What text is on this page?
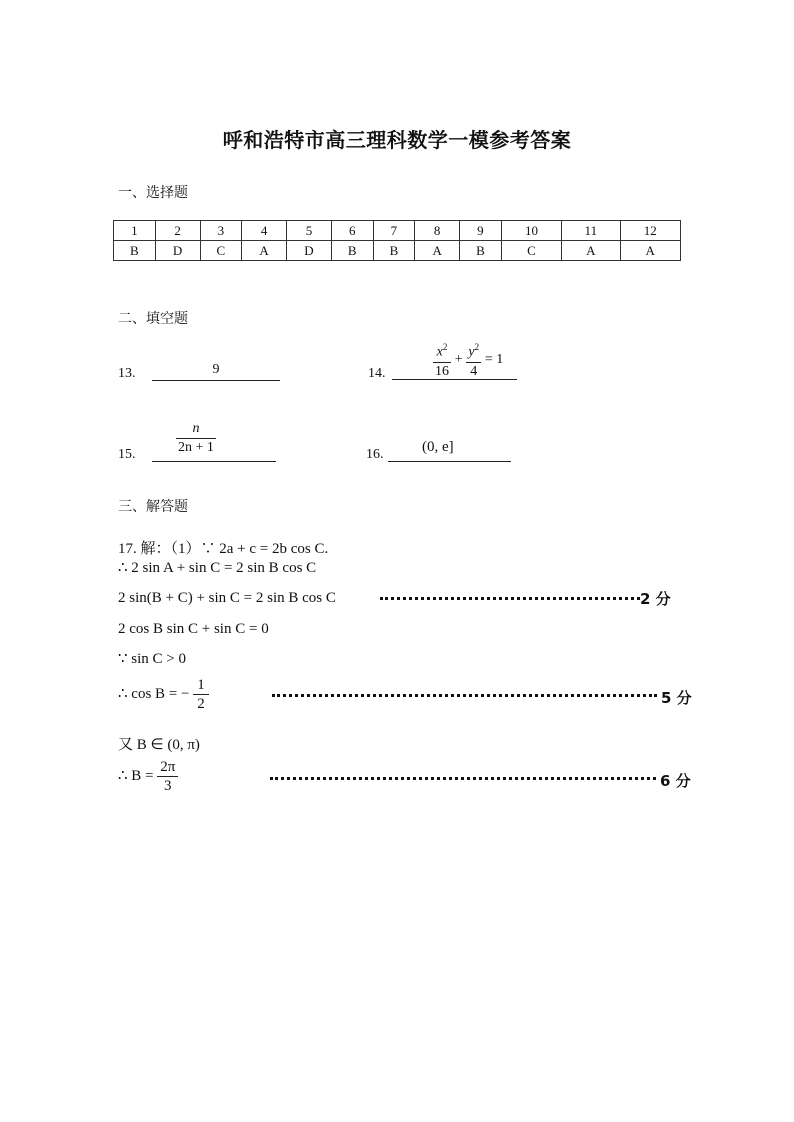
呼和浩特市高三理科数学一模参考答案
一、选择题
1	2	3	4	5	6	7	8	9	10	11	12
B	D	C	A	D	B	B	A	B	C	A	A
二、填空题
13.	9	14.	$\frac{x^2}{16} + \frac{y^2}{4} = 1$
15.	$\frac{n}{2n + 1}$	16.	(0, e]
三、解答题
17. 解：（1）∵ 2a + c = 2b cos C.
∴ 2 sin A + sin C = 2 sin B cos C
2 sin(B + C) + sin C = 2 sin B cos C
2 cos B sin C + sin C = 0
∵ sin C > 0
∴ cos B = − $\frac{1}{2}$
又 B ∈ (0, π)
∴ $B = \frac{2\pi}{3}$
2 分
5 分
6 分
